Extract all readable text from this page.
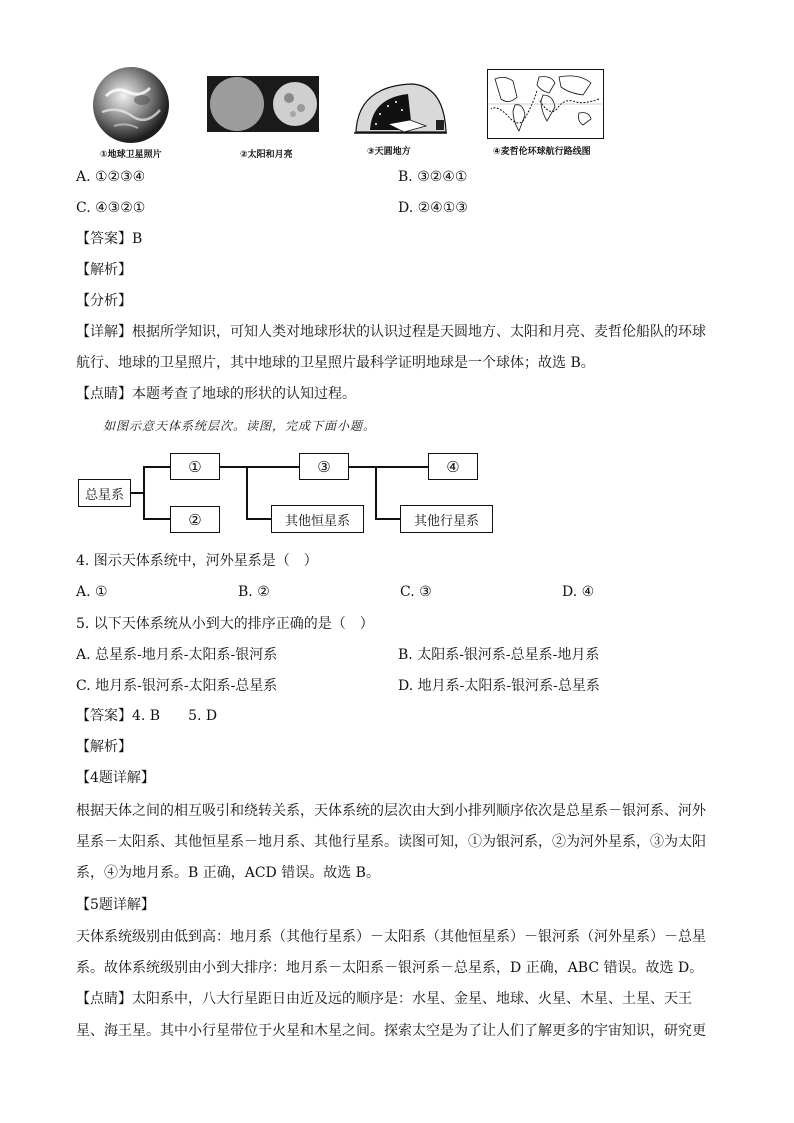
①地球卫星照片	②太阳和月亮	③天圆地方	④麦哲伦环球航行路线图
A. ①②③④	B. ③②④①
C. ④③②①	D. ②④①③
【答案】B
【解析】
【分析】
【详解】根据所学知识，可知人类对地球形状的认识过程是天圆地方、太阳和月亮、麦哲伦船队的环球
航行、地球的卫星照片，其中地球的卫星照片最科学证明地球是一个球体；故选 B。
【点睛】本题考查了地球的形状的认知过程。
如图示意天体系统层次。读图，完成下面小题。
总星系
①
②
③
其他恒星系
④
其他行星系
4. 图示天体系统中，河外星系是（　）
A. ①	B. ②	C. ③	D. ④
5. 以下天体系统从小到大的排序正确的是（　）
A. 总星系-地月系-太阳系-银河系	B. 太阳系-银河系-总星系-地月系
C. 地月系-银河系-太阳系-总星系	D. 地月系-太阳系-银河系-总星系
【答案】4. B　　5. D
【解析】
【4题详解】
根据天体之间的相互吸引和绕转关系，天体系统的层次由大到小排列顺序依次是总星系－银河系、河外
星系－太阳系、其他恒星系－地月系、其他行星系。读图可知，①为银河系，②为河外星系，③为太阳
系，④为地月系。B 正确，ACD 错误。故选 B。
【5题详解】
天体系统级别由低到高：地月系（其他行星系）－太阳系（其他恒星系）－银河系（河外星系）－总星
系。故体系统级别由小到大排序：地月系－太阳系－银河系－总星系，D 正确，ABC 错误。故选 D。
【点睛】太阳系中，八大行星距日由近及远的顺序是：水星、金星、地球、火星、木星、土星、天王
星、海王星。其中小行星带位于火星和木星之间。探索太空是为了让人们了解更多的宇宙知识，研究更
